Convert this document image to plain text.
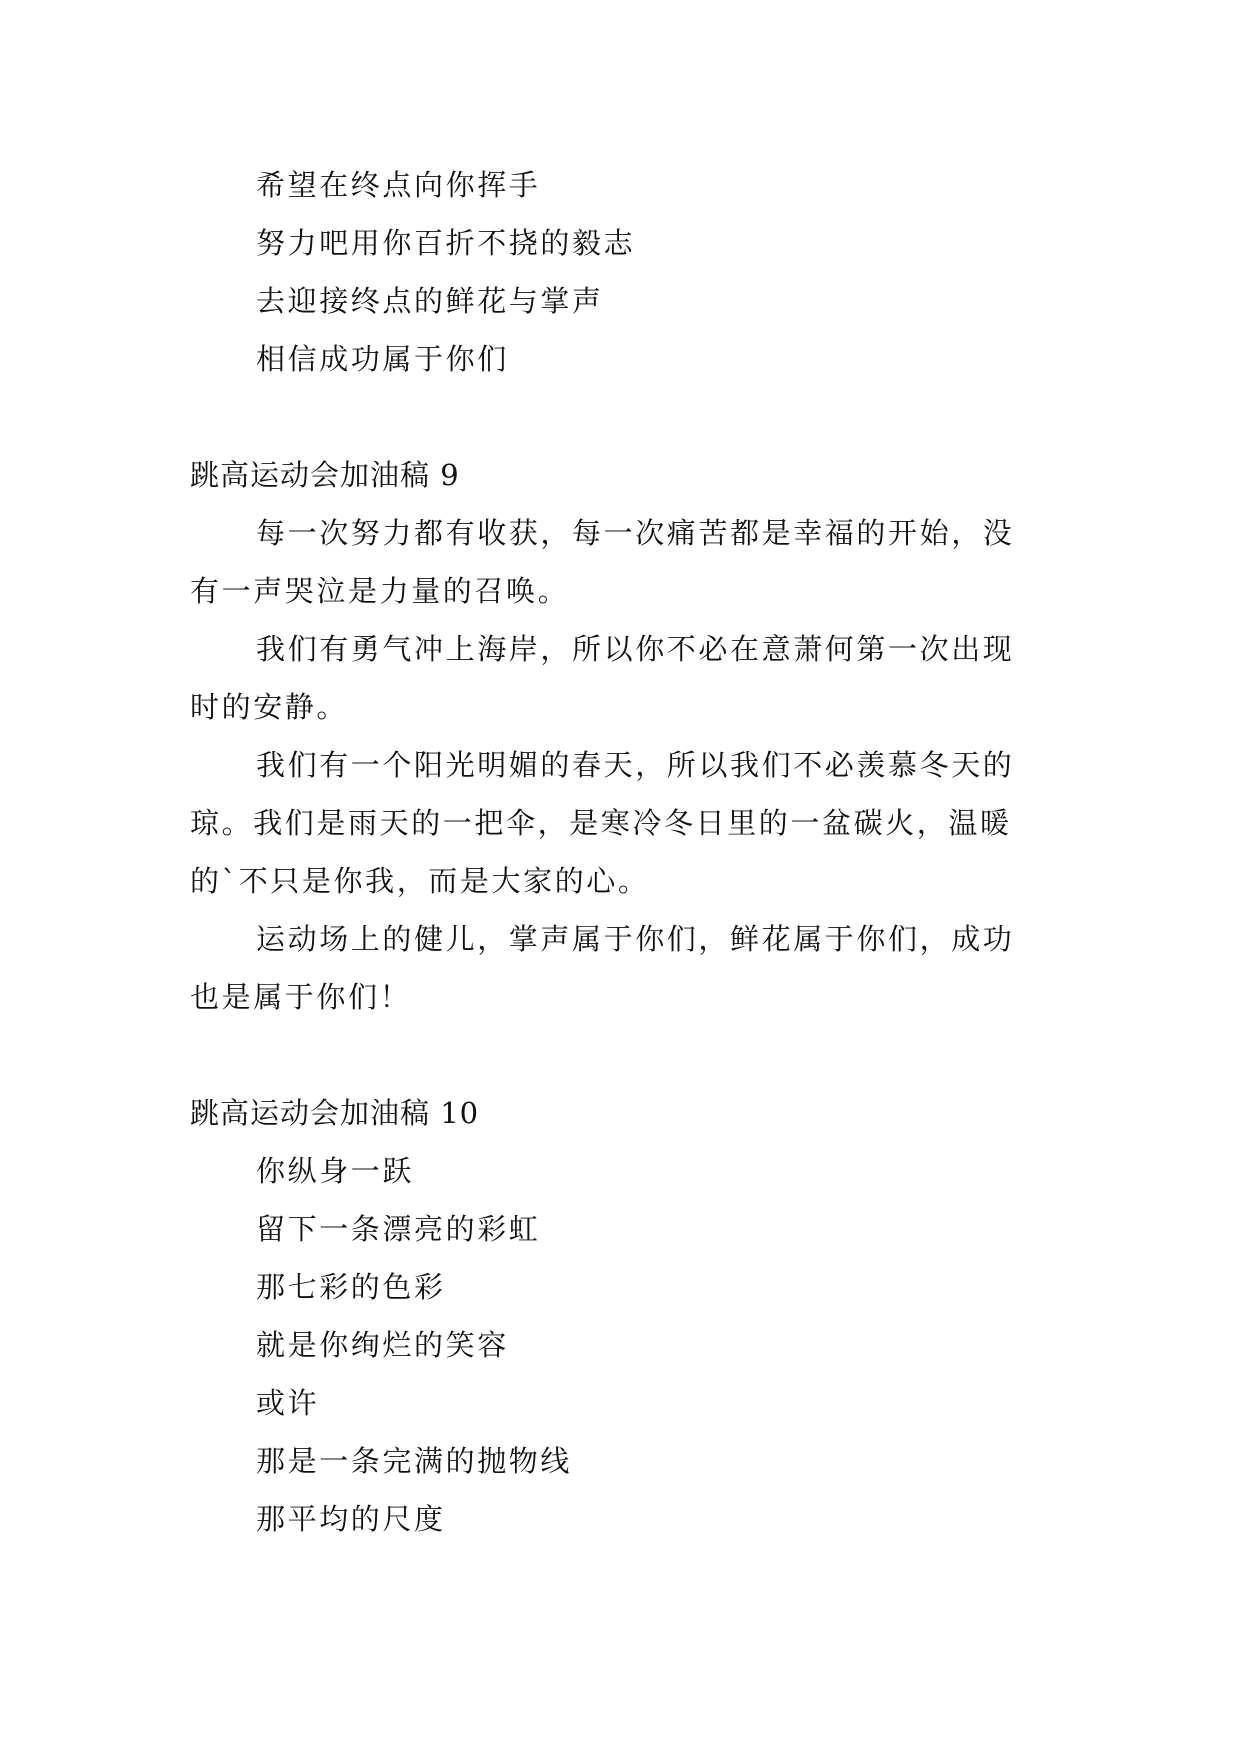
希望在终点向你挥手
努力吧用你百折不挠的毅志
去迎接终点的鲜花与掌声
相信成功属于你们
跳高运动会加油稿 9
每一次努力都有收获，每一次痛苦都是幸福的开始，没
有一声哭泣是力量的召唤。
我们有勇气冲上海岸，所以你不必在意萧何第一次出现
时的安静。
我们有一个阳光明媚的春天，所以我们不必羡慕冬天的
琼。我们是雨天的一把伞，是寒冷冬日里的一盆碳火，温暖
的`不只是你我，而是大家的心。
运动场上的健儿，掌声属于你们，鲜花属于你们，成功
也是属于你们！
跳高运动会加油稿 10
你纵身一跃
留下一条漂亮的彩虹
那七彩的色彩
就是你绚烂的笑容
或许
那是一条完满的抛物线
那平均的尺度
